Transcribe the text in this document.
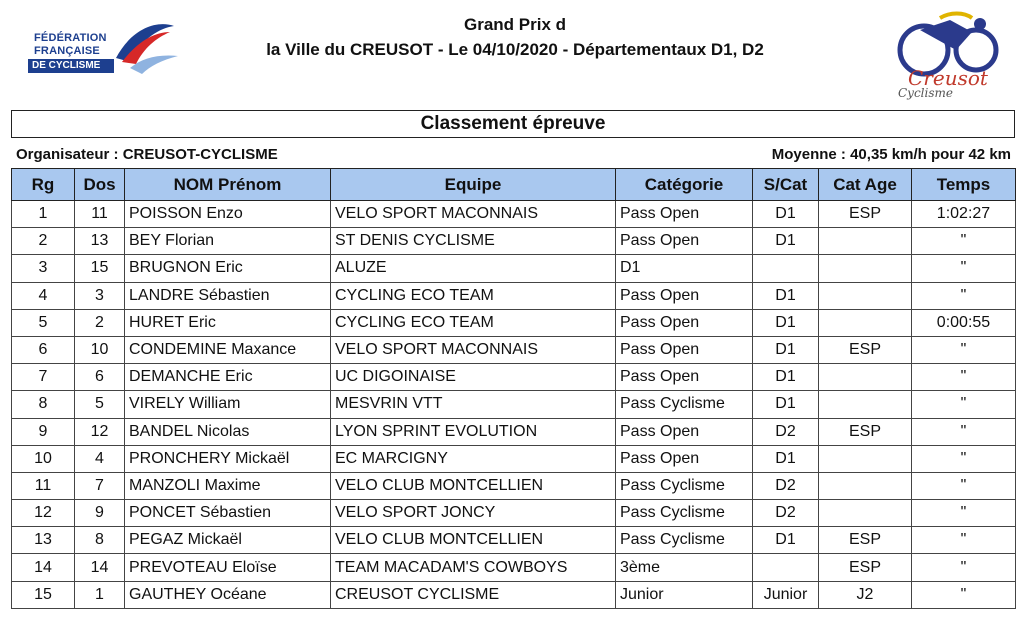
FÉDÉRATION
FRANÇAISE
DE CYCLISME
Grand Prix d
la Ville du CREUSOT - Le 04/10/2020 - Départementaux D1, D2
Creusot
Cyclisme
Classement épreuve
Organisateur : CREUSOT-CYCLISME	Moyenne : 40,35 km/h pour 42 km
Rg	Dos	NOM Prénom	Equipe	Catégorie	S/Cat	Cat Age	Temps
1	11	POISSON Enzo	VELO SPORT MACONNAIS	Pass Open	D1	ESP	1:02:27
2	13	BEY Florian	ST DENIS CYCLISME	Pass Open	D1		"
3	15	BRUGNON Eric	ALUZE	D1			"
4	3	LANDRE Sébastien	CYCLING ECO TEAM	Pass Open	D1		"
5	2	HURET Eric	CYCLING ECO TEAM	Pass Open	D1		0:00:55
6	10	CONDEMINE Maxance	VELO SPORT MACONNAIS	Pass Open	D1	ESP	"
7	6	DEMANCHE Eric	UC DIGOINAISE	Pass Open	D1		"
8	5	VIRELY William	MESVRIN VTT	Pass Cyclisme	D1		"
9	12	BANDEL Nicolas	LYON SPRINT EVOLUTION	Pass Open	D2	ESP	"
10	4	PRONCHERY Mickaël	EC MARCIGNY	Pass Open	D1		"
11	7	MANZOLI Maxime	VELO CLUB MONTCELLIEN	Pass Cyclisme	D2		"
12	9	PONCET Sébastien	VELO SPORT JONCY	Pass Cyclisme	D2		"
13	8	PEGAZ Mickaël	VELO CLUB MONTCELLIEN	Pass Cyclisme	D1	ESP	"
14	14	PREVOTEAU Eloïse	TEAM MACADAM'S COWBOYS	3ème		ESP	"
15	1	GAUTHEY Océane	CREUSOT CYCLISME	Junior	Junior	J2	"
